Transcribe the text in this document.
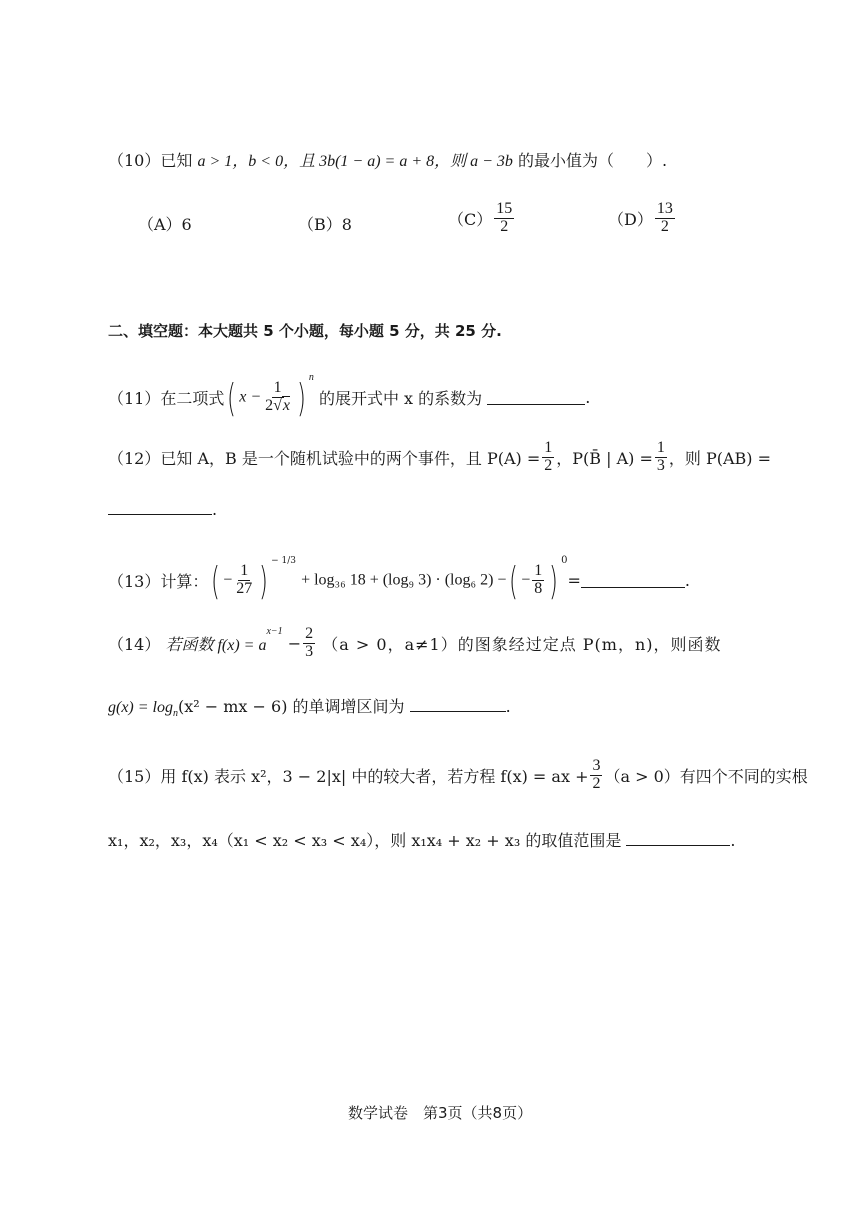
（10）已知 a > 1，b < 0，且 3b(1 − a) = a + 8，则 a − 3b 的最小值为（　　）.
（A）6	（B）8	$(C) \frac{15}{2}$	$(D) \frac{13}{2}$
二、填空题：本大题共 5 个小题，每小题 5 分，共 25 分.
（11）在二项式( $x - \frac{1}{2√x}$ ) $^n$ 的展开式中 x 的系数为	.
（12）已知 A，B 是一个随机试验中的两个事件，且 $P(A) = \frac{1}{2}$ ，P(B̄ | $A) = \frac{1}{3}$ ，则 P(AB) =
.
（13）计算：( − $\frac{1}{27}$ ) $^{- 1/3}$ + log₃₆ 18 + (log₉ 3) · (log₆ 2) −( − $\frac{1}{8}$ ) $^0$=	.
（14） 若函数 $f(x) = a^{x-1} - \frac{2}{3} (a > 0$，a≠1）的图象经过定点 P(m，n)，则函数
$g(x) = \log_n(x^2$ − mx − 6) 的单调增区间为	.
（15）用 f(x) 表示 x²，3 − 2|x| 中的较大者，若方程 f(x) = ax + $\frac{3}{2} (a > 0)$有四个不同的实根
x₁，x₂，x₃，x₄（x₁ < x₂ < x₃ < x₄），则 x₁x₄ + x₂ + x₃ 的取值范围是	.
数学试卷　第3页（共8页）
